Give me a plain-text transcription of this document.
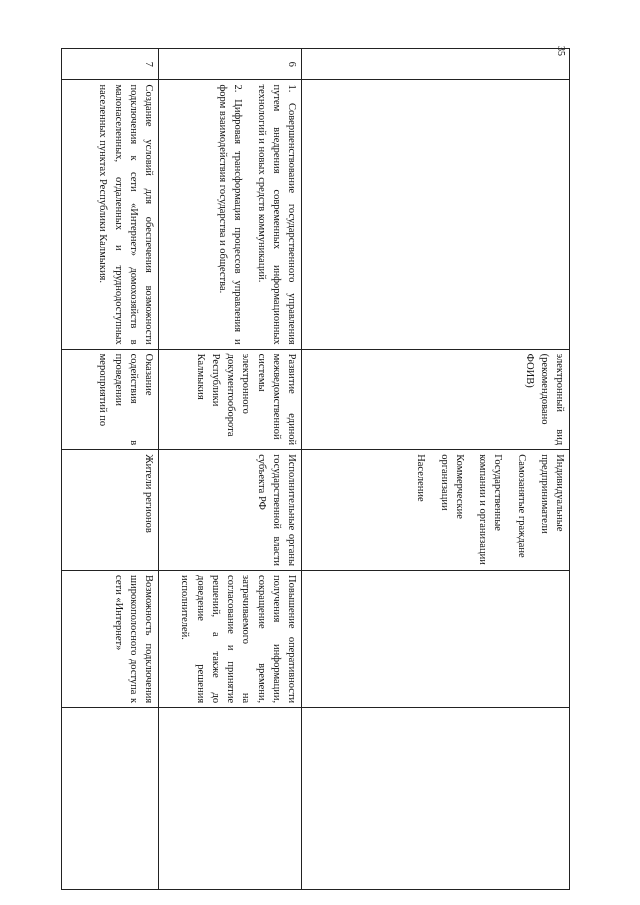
35
		электронный вид (рекомендовано ФОИВ)	Индивидуальные предприниматели

Самозанятые граждане

Государственные компании и организации

Коммерческие организации

Население		

6	1. Совершенствование государственного управления путем внедрения современных информационных технологий и новых средств коммуникаций.

2. Цифровая трансформация процессов управления и форм взаимодействия государства и общества.	Развитие единой межведомственной системы электронного документооборота Республики Калмыкия	Исполнительные органы государственной власти субъекта РФ	Повышение оперативности получения информации, сокращение времени, затрачиваемого на согласование и принятие решений, а также до доведение решения исполнителей.	
7	Создание условий для обеспечения возможности подключения к сети «Интернет» домохозяйств в малонаселенных, отдаленных и труднодоступных населенных пунктах Республики Калмыкия.	Оказание содействия в проведении мероприятий по	Жители регионов	Возможность подключения широкополосного доступа к сети «Интернет»	
